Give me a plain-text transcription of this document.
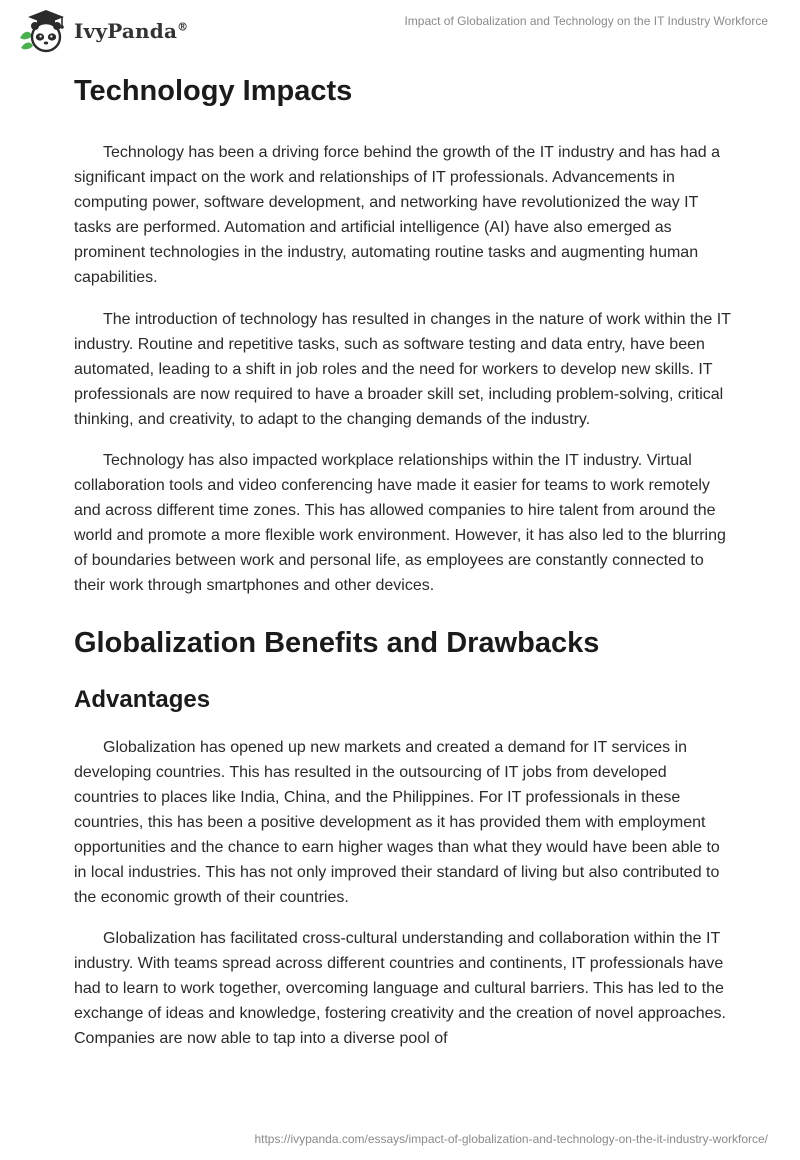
IvyPanda®	Impact of Globalization and Technology on the IT Industry Workforce
Technology Impacts

Technology has been a driving force behind the growth of the IT industry and has had a significant impact on the work and relationships of IT professionals. Advancements in computing power, software development, and networking have revolutionized the way IT tasks are performed. Automation and artificial intelligence (AI) have also emerged as prominent technologies in the industry, automating routine tasks and augmenting human capabilities.

The introduction of technology has resulted in changes in the nature of work within the IT industry. Routine and repetitive tasks, such as software testing and data entry, have been automated, leading to a shift in job roles and the need for workers to develop new skills. IT professionals are now required to have a broader skill set, including problem-solving, critical thinking, and creativity, to adapt to the changing demands of the industry.

Technology has also impacted workplace relationships within the IT industry. Virtual collaboration tools and video conferencing have made it easier for teams to work remotely and across different time zones. This has allowed companies to hire talent from around the world and promote a more flexible work environment. However, it has also led to the blurring of boundaries between work and personal life, as employees are constantly connected to their work through smartphones and other devices.

Globalization Benefits and Drawbacks
Advantages

Globalization has opened up new markets and created a demand for IT services in developing countries. This has resulted in the outsourcing of IT jobs from developed countries to places like India, China, and the Philippines. For IT professionals in these countries, this has been a positive development as it has provided them with employment opportunities and the chance to earn higher wages than what they would have been able to in local industries. This has not only improved their standard of living but also contributed to the economic growth of their countries.

Globalization has facilitated cross-cultural understanding and collaboration within the IT industry. With teams spread across different countries and continents, IT professionals have had to learn to work together, overcoming language and cultural barriers. This has led to the exchange of ideas and knowledge, fostering creativity and the creation of novel approaches. Companies are now able to tap into a diverse pool of

https://ivypanda.com/essays/impact-of-globalization-and-technology-on-the-it-industry-workforce/
